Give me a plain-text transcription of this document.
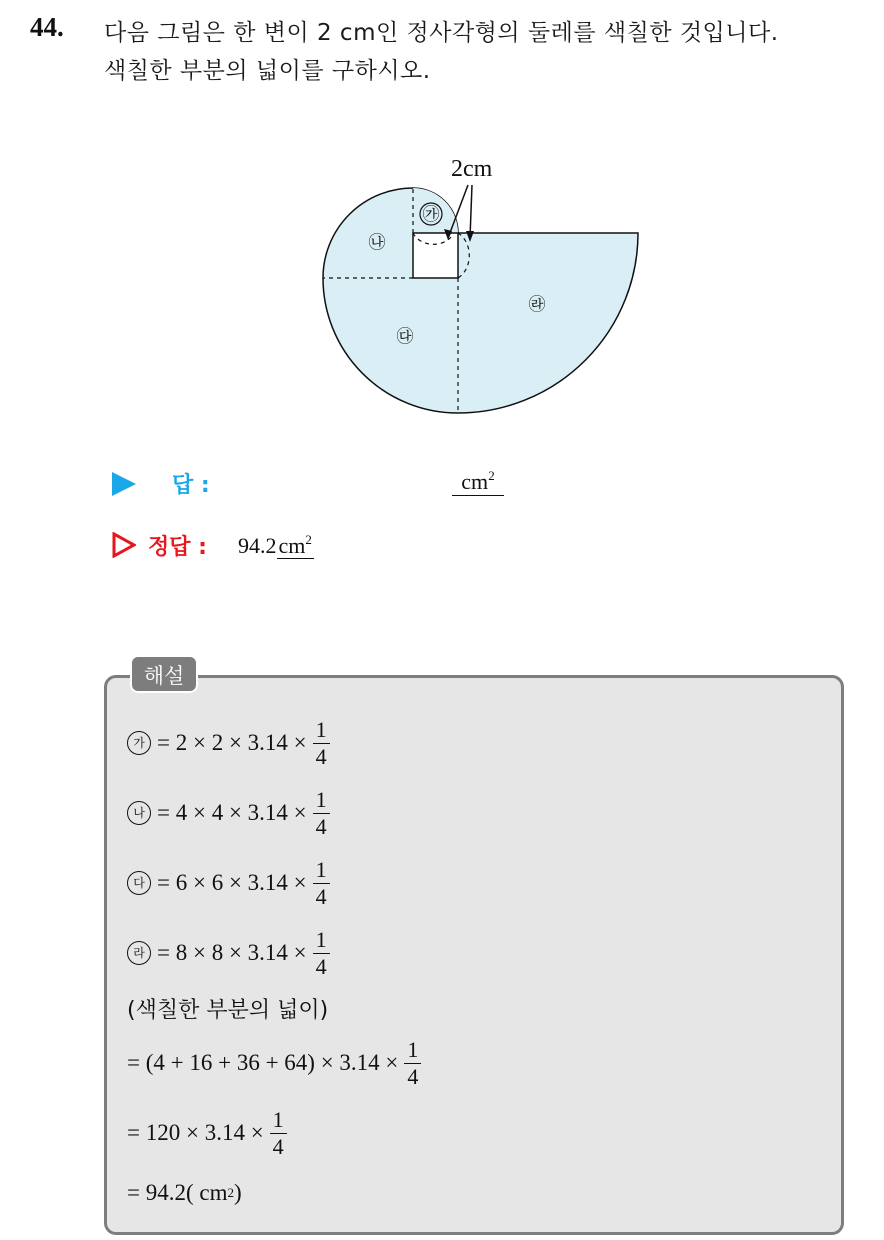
44. 다음 그림은 한 변이 2 cm인 정사각형의 둘레를 색칠한 것입니다.
색칠한 부분의 넓이를 구하시오.
2cm
㉮
㉯
㉰
㉱
답 :	$cm^2$
정답 : $94.2cm^2$
해설
가 = $2 \times 2 \times 3.14 \times \frac{1}{4}$
나 = $4 \times 4 \times 3.14 \times \frac{1}{4}$
다 = $6 \times 6 \times 3.14 \times \frac{1}{4}$
라 = $8 \times 8 \times 3.14 \times \frac{1}{4}$
(색칠한 부분의 넓이)
= $(4 + 16 + 36 + 64) \times 3.14 \times \frac{1}{4}$
= $120 \times 3.14 \times \frac{1}{4}$
= 94.2( cm 2 )
